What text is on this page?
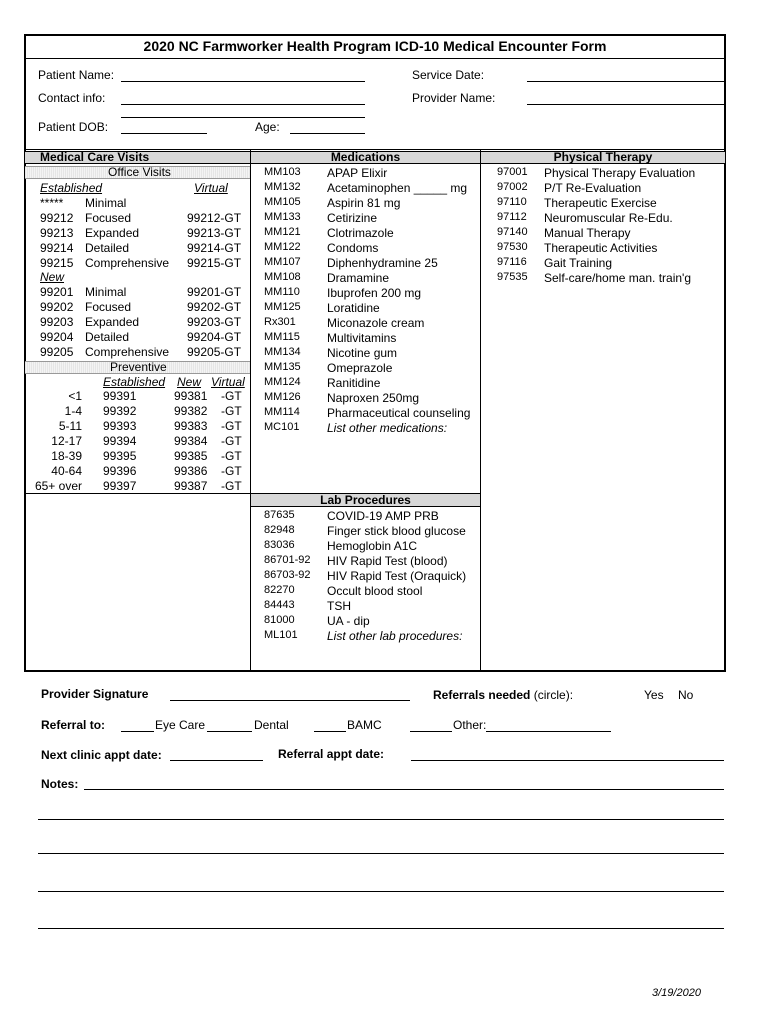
2020 NC Farmworker Health Program ICD-10 Medical Encounter Form
Patient Name:	Service Date:
Contact info:	Provider Name:
Patient DOB:	Age:
Medical Care Visits	Medications	Physical Therapy
Office Visits
Established	Virtual
***** Minimal
99212 Focused	99212-GT
99213 Expanded	99213-GT
99214 Detailed	99214-GT
99215 Comprehensive 99215-GT
New
99201 Minimal	99201-GT
99202 Focused	99202-GT
99203 Expanded	99203-GT
99204 Detailed	99204-GT
99205 Comprehensive 99205-GT
Preventive
Established New Virtual
<1 99391	99381 -GT
1-4 99392	99382 -GT
5-11 99393	99383 -GT
12-17 99394	99384 -GT
18-39 99395	99385 -GT
40-64 99396	99386 -GT
65+ over 99397	99387 -GT
MM103 APAP Elixir
MM132 Acetaminophen _____ mg
MM105 Aspirin 81 mg
MM133 Cetirizine
MM121 Clotrimazole
MM122 Condoms
MM107 Diphenhydramine 25
MM108 Dramamine
MM110 Ibuprofen 200 mg
MM125 Loratidine
Rx301	Miconazole cream
MM115 Multivitamins
MM134 Nicotine gum
MM135 Omeprazole
MM124 Ranitidine
MM126 Naproxen 250mg
MM114 Pharmaceutical counseling
MC101 List other medications:
Lab Procedures
87635	COVID-19 AMP PRB
82948	Finger stick blood glucose
83036	Hemoglobin A1C
86701-92 HIV Rapid Test (blood)
86703-92 HIV Rapid Test (Oraquick)
82270	Occult blood stool
84443	TSH
81000	UA - dip
ML101 List other lab procedures:
97001 Physical Therapy Evaluation
97002 P/T Re-Evaluation
97110 Therapeutic Exercise
97112 Neuromuscular Re-Edu.
97140 Manual Therapy
97530 Therapeutic Activities
97116 Gait Training
97535 Self-care/home man. train'g
Provider Signature	Referrals needed (circle):	Yes No
Referral to:	Eye Care	Dental	BAMC	Other:
Next clinic appt date:	Referral appt date:
Notes:
3/19/2020
